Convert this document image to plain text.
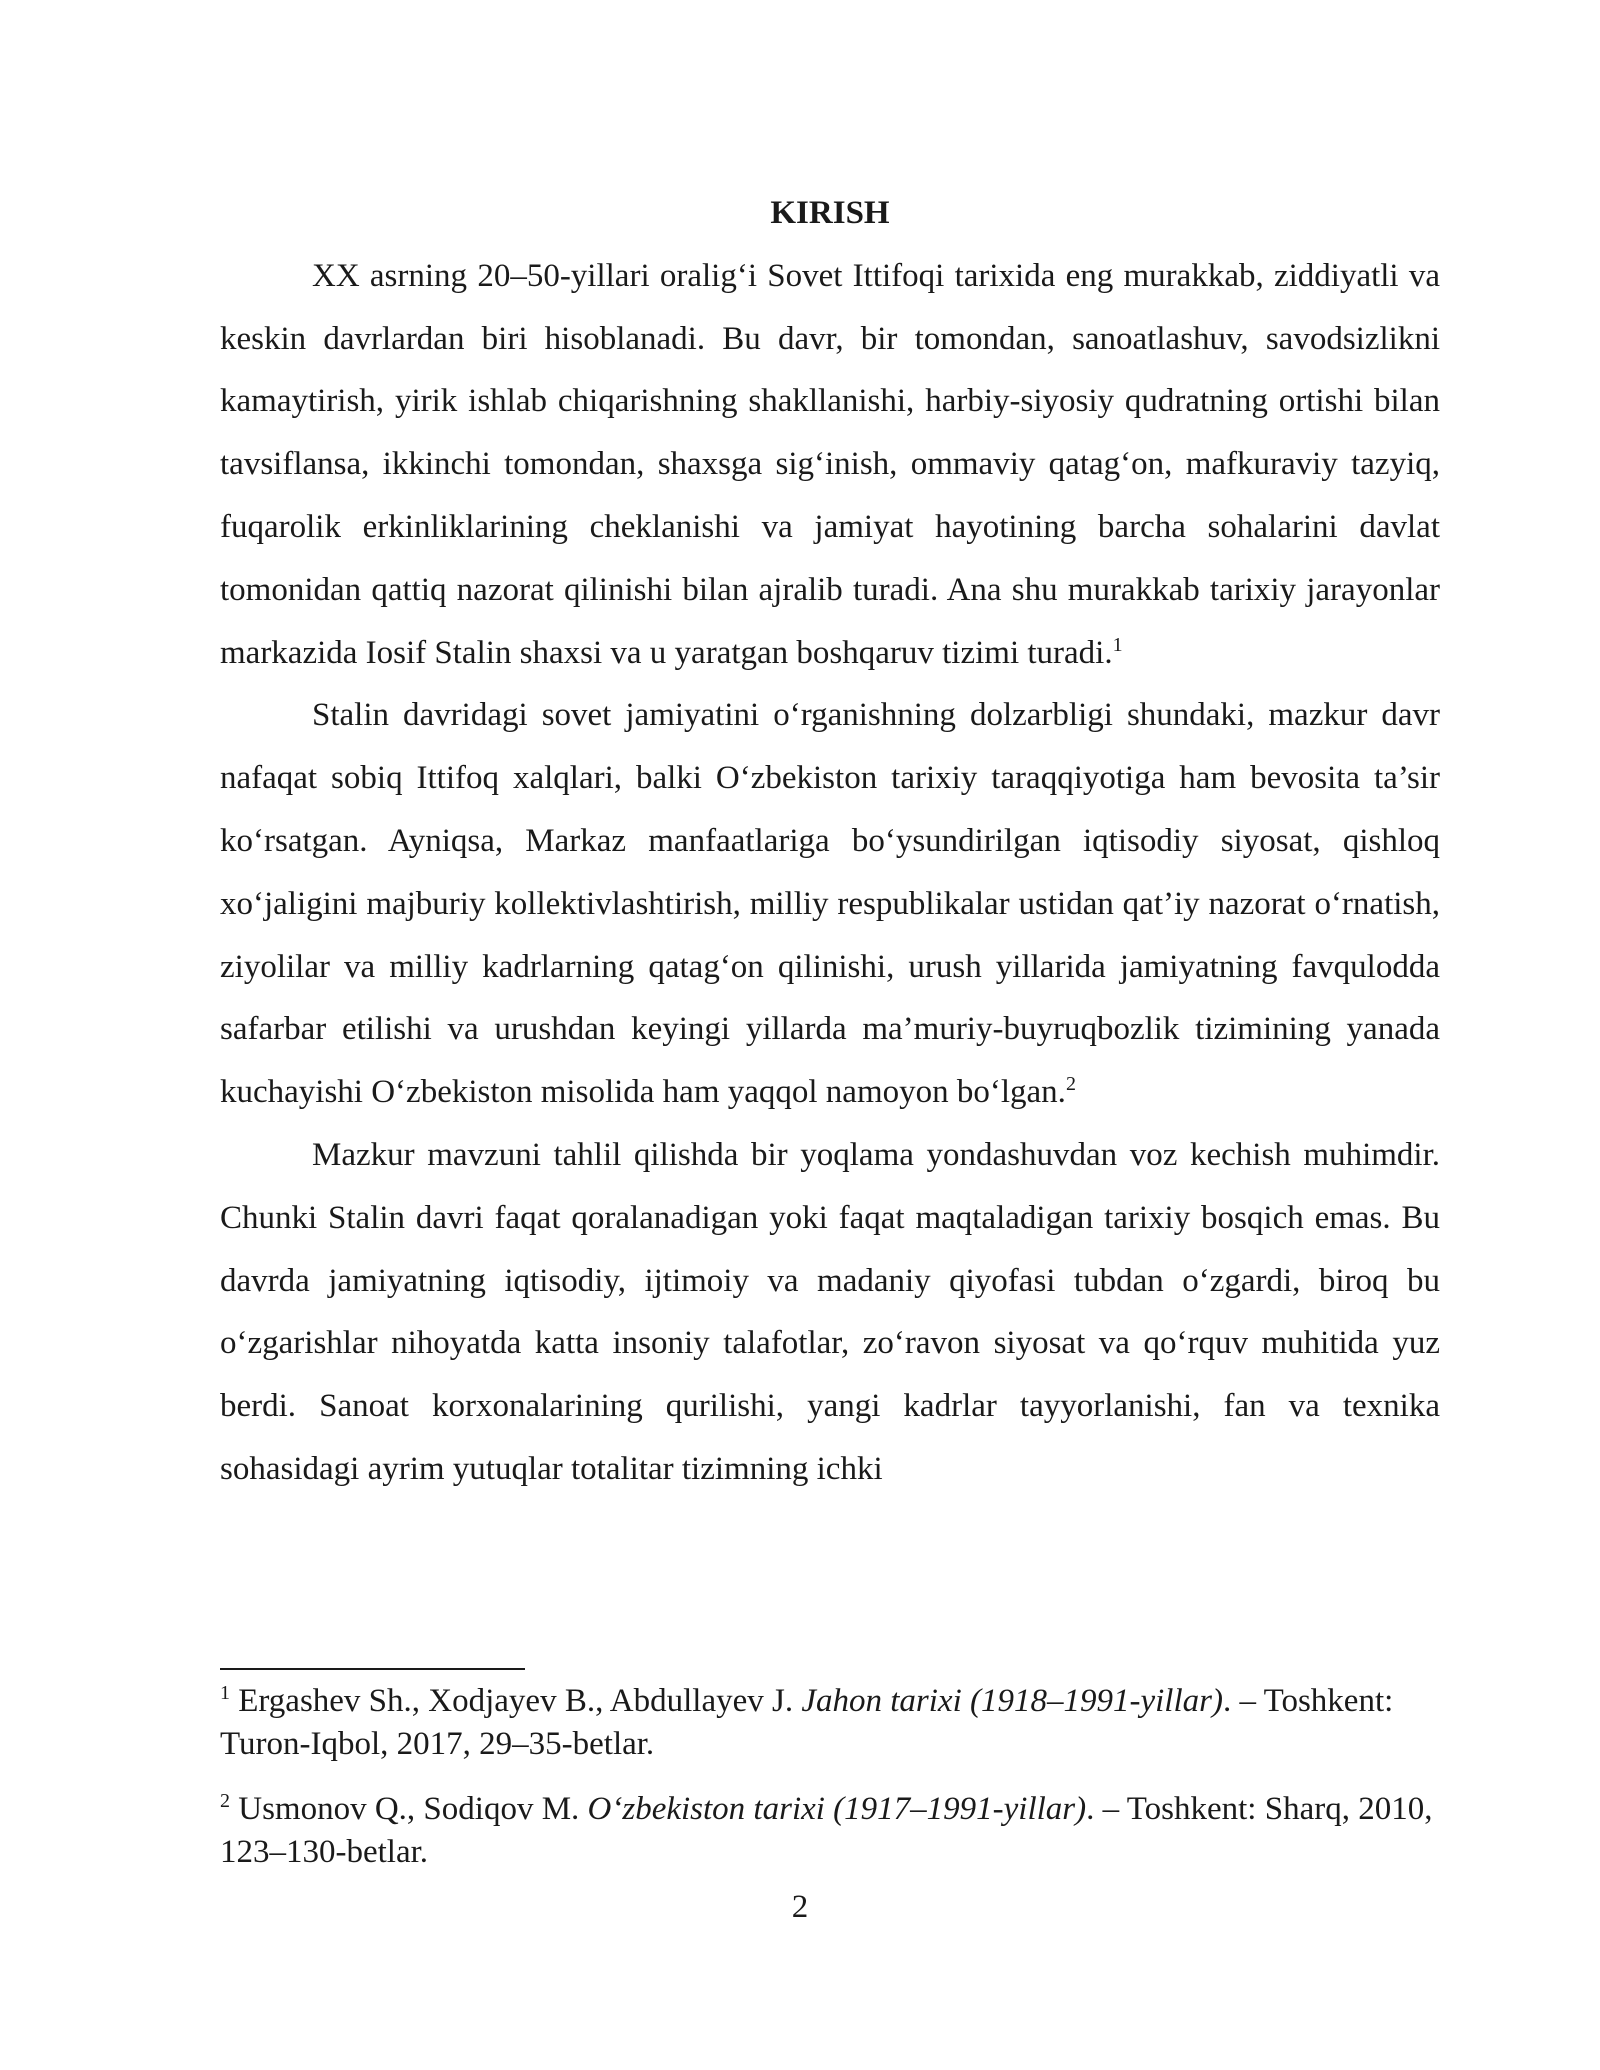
KIRISH

XX asrning 20–50-yillari oralig‘i Sovet Ittifoqi tarixida eng murakkab, ziddiyatli va keskin davrlardan biri hisoblanadi. Bu davr, bir tomondan, sanoatlashuv, savodsizlikni kamaytirish, yirik ishlab chiqarishning shakllanishi, harbiy-siyosiy qudratning ortishi bilan tavsiflansa, ikkinchi tomondan, shaxsga sig‘inish, ommaviy qatag‘on, mafkuraviy tazyiq, fuqarolik erkinliklarining cheklanishi va jamiyat hayotining barcha sohalarini davlat tomonidan qattiq nazorat qilinishi bilan ajralib turadi. Ana shu murakkab tarixiy jarayonlar markazida Iosif Stalin shaxsi va u yaratgan boshqaruv tizimi turadi.$^1$

Stalin davridagi sovet jamiyatini o‘rganishning dolzarbligi shundaki, mazkur davr nafaqat sobiq Ittifoq xalqlari, balki O‘zbekiston tarixiy taraqqiyotiga ham bevosita ta’sir ko‘rsatgan. Ayniqsa, Markaz manfaatlariga bo‘ysundirilgan iqtisodiy siyosat, qishloq xo‘jaligini majburiy kollektivlashtirish, milliy respublikalar ustidan qat’iy nazorat o‘rnatish, ziyolilar va milliy kadrlarning qatag‘on qilinishi, urush yillarida jamiyatning favqulodda safarbar etilishi va urushdan keyingi yillarda ma’muriy-buyruqbozlik tizimining yanada kuchayishi O‘zbekiston misolida ham yaqqol namoyon bo‘lgan.$^2$

Mazkur mavzuni tahlil qilishda bir yoqlama yondashuvdan voz kechish muhimdir. Chunki Stalin davri faqat qoralanadigan yoki faqat maqtaladigan tarixiy bosqich emas. Bu davrda jamiyatning iqtisodiy, ijtimoiy va madaniy qiyofasi tubdan o‘zgardi, biroq bu o‘zgarishlar nihoyatda katta insoniy talafotlar, zo‘ravon siyosat va qo‘rquv muhitida yuz berdi. Sanoat korxonalarining qurilishi, yangi kadrlar tayyorlanishi, fan va texnika sohasidagi ayrim yutuqlar totalitar tizimning ichki

$^1$ Ergashev Sh., Xodjayev B., Abdullayev J. Jahon tarixi (1918–1991-yillar). – Toshkent: Turon-Iqbol, 2017, 29–35-betlar.

$^2$ Usmonov Q., Sodiqov M. O‘zbekiston tarixi (1917–1991-yillar). – Toshkent: Sharq, 2010, 123–130-betlar.

2
